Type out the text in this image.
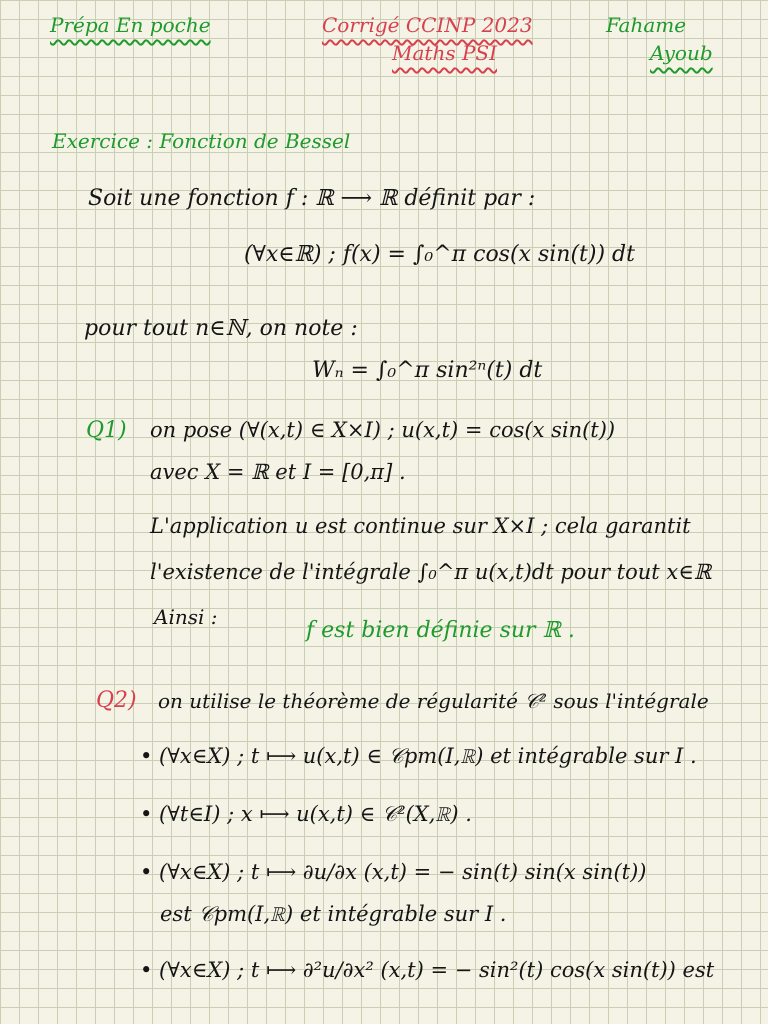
Prépa En poche	Corrigé CCINP 2023
Maths PSI
Fahame
Ayoub
Exercice : Fonction de Bessel
Soit une fonction f : ℝ ⟶ ℝ définit par :
(∀x∈ℝ) ; f(x) = ∫₀^π cos(x sin(t)) dt
pour tout n∈ℕ, on note :
Wₙ = ∫₀^π sin²ⁿ(t) dt
Q1) on pose (∀(x,t) ∈ X×I) ; u(x,t) = cos(x sin(t))
avec X = ℝ et I = [0,π] .
L'application u est continue sur X×I ; cela garantit
l'existence de l'intégrale ∫₀^π u(x,t)dt pour tout x∈ℝ
Ainsi :
f est bien définie sur ℝ .
Q2) on utilise le théorème de régularité 𝒞² sous l'intégrale
• (∀x∈X) ; t ⟼ u(x,t) ∈ 𝒞pm(I,ℝ) et intégrable sur I .
• (∀t∈I) ; x ⟼ u(x,t) ∈ 𝒞²(X,ℝ) .
• (∀x∈X) ; t ⟼ ∂u/∂x (x,t) = − sin(t) sin(x sin(t))
est 𝒞pm(I,ℝ) et intégrable sur I .
• (∀x∈X) ; t ⟼ ∂²u/∂x² (x,t) = − sin²(t) cos(x sin(t)) est
